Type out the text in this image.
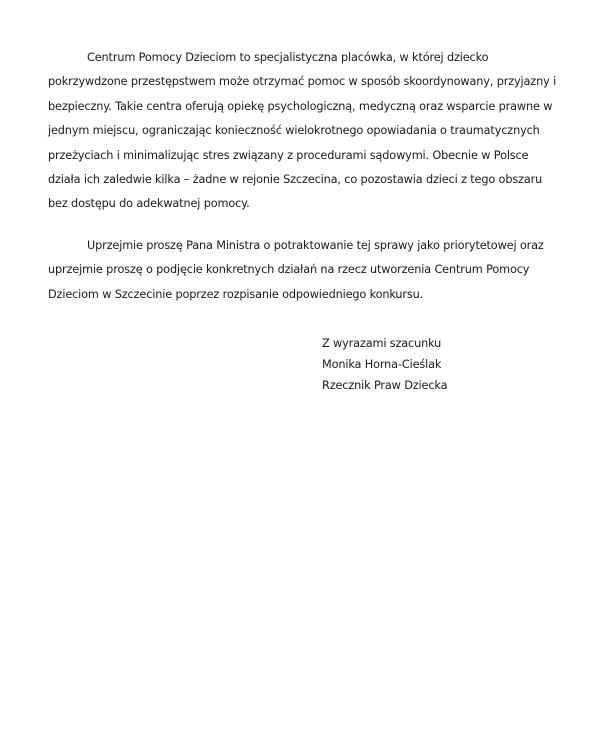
Centrum Pomocy Dzieciom to specjalistyczna placówka, w której dziecko pokrzywdzone przestępstwem może otrzymać pomoc w sposób skoordynowany, przyjazny i bezpieczny. Takie centra oferują opiekę psychologiczną, medyczną oraz wsparcie prawne w jednym miejscu, ograniczając konieczność wielokrotnego opowiadania o traumatycznych przeżyciach i minimalizując stres związany z procedurami sądowymi. Obecnie w Polsce działa ich zaledwie kilka – żadne w rejonie Szczecina, co pozostawia dzieci z tego obszaru bez dostępu do adekwatnej pomocy.

Uprzejmie proszę Pana Ministra o potraktowanie tej sprawy jako priorytetowej oraz uprzejmie proszę o podjęcie konkretnych działań na rzecz utworzenia Centrum Pomocy Dzieciom w Szczecinie poprzez rozpisanie odpowiedniego konkursu.

Z wyrazami szacunku
Monika Horna-Cieślak
Rzecznik Praw Dziecka
